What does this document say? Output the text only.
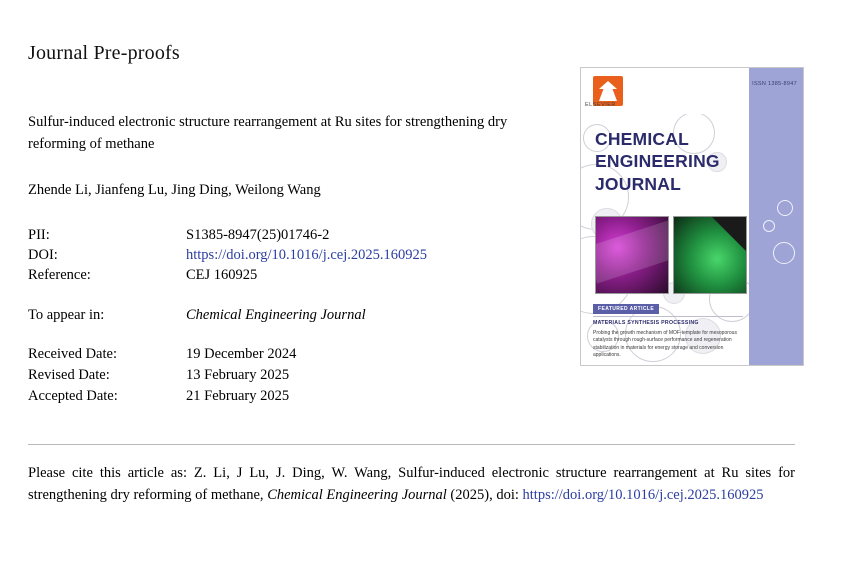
Journal Pre-proofs
Sulfur-induced electronic structure rearrangement at Ru sites for strengthening dry reforming of methane
Zhende Li, Jianfeng Lu, Jing Ding, Weilong Wang
PII:	S1385-8947(25)01746-2
DOI:	https://doi.org/10.1016/j.cej.2025.160925
Reference:	CEJ 160925
To appear in:	Chemical Engineering Journal
Received Date:	19 December 2024
Revised Date:	13 February 2025
Accepted Date:	21 February 2025
ELSEVIER
ISSN 1385-8947
CHEMICAL
ENGINEERING
JOURNAL
FEATURED ARTICLE
MATERIALS SYNTHESIS PROCESSING
Probing the growth mechanism of MOF-template for mesoporous catalysts through rough-surface performance and regeneration stabilization in materials for energy storage and conversion applications.
Please cite this article as: Z. Li, J Lu, J. Ding, W. Wang, Sulfur-induced electronic structure rearrangement at Ru sites for strengthening dry reforming of methane, Chemical Engineering Journal (2025), doi: https://doi.org/10.1016/j.cej.2025.160925
